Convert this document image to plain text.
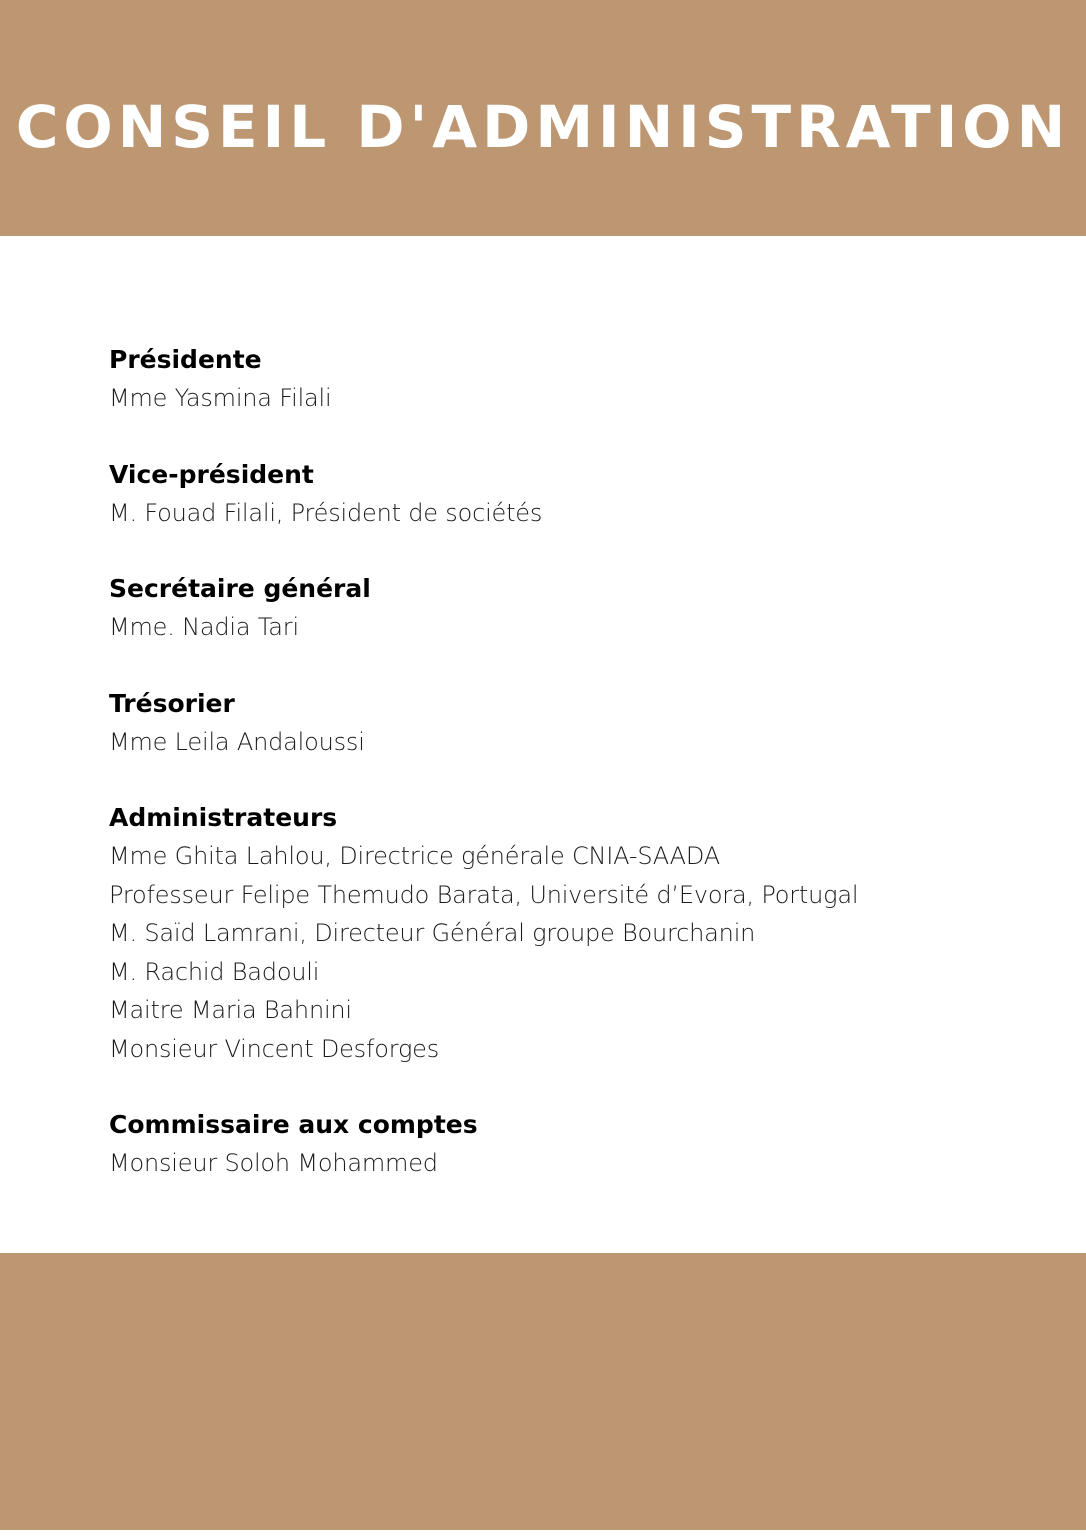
CONSEIL D'ADMINISTRATION
Présidente
Mme Yasmina Filali
Vice-président
M. Fouad Filali, Président de sociétés
Secrétaire général
Mme. Nadia Tari
Trésorier
Mme Leila Andaloussi
Administrateurs
Mme Ghita Lahlou, Directrice générale CNIA-SAADA
Professeur Felipe Themudo Barata, Université d’Evora, Portugal
M. Saïd Lamrani, Directeur Général groupe Bourchanin
M. Rachid Badouli
Maitre Maria Bahnini
Monsieur Vincent Desforges
Commissaire aux comptes
Monsieur Soloh Mohammed
